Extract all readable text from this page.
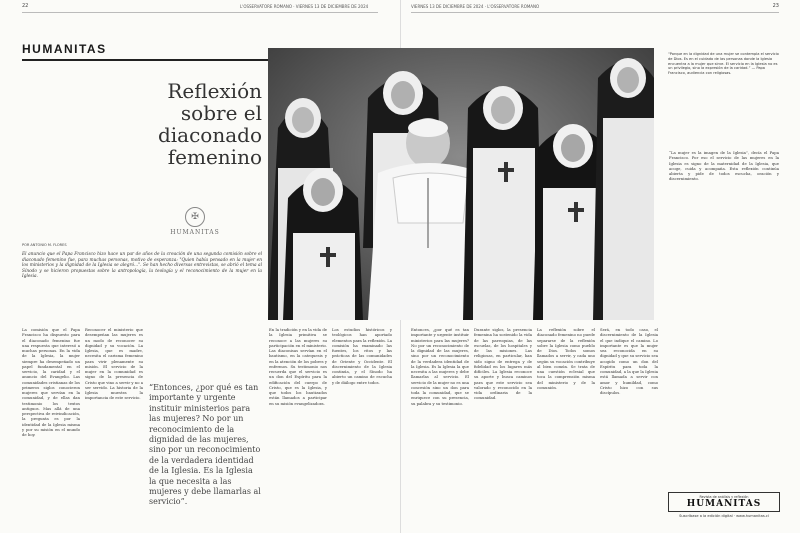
22	L'OSSERVATORE ROMANO · VIERNES 13 DE DICIEMBRE DE 2024
HUMANITAS
Reflexión sobre el diaconado femenino
✠
HUMANITAS
POR ANTONIO M. FLORES
El anuncio que el Papa Francisco hizo hace un par de años de la creación de una segunda comisión sobre el diaconado femenino fue, para muchas personas, motivo de esperanza: "Quien había pensado en la mujer en los ministerios y la dignidad de la Iglesia se alegró...". Se han hecho diversas entrevistas, se abrió el tema al Sínodo y se hicieron propuestas sobre la antropología, la teología y el reconocimiento de la mujer en la Iglesia.
La comisión que el Papa Francisco ha dispuesto para el diaconado femenino fue una respuesta que interesó a muchas personas. En la vida de la Iglesia, la mujer siempre ha desempeñado un papel fundamental en el servicio, la caridad y el anuncio del Evangelio. Las comunidades cristianas de los primeros siglos conocieron mujeres que servían en la comunidad, y de ellas dan testimonio los textos antiguos. Mas allá de una perspectiva de reivindicación, la pregunta es por la identidad de la Iglesia misma y por su misión en el mundo de hoy.
Reconocer el ministerio que desempeñan las mujeres es un modo de reconocer su dignidad y su vocación. La Iglesia, que es madre, necesita el carisma femenino para vivir plenamente su misión. El servicio de la mujer en la comunidad es signo de la presencia de Cristo que vino a servir y no a ser servido. La historia de la Iglesia muestra la importancia de este servicio.
En la tradición y en la vida de la Iglesia primitiva se reconoce a las mujeres su participación en el ministerio. Las diaconisas servían en el bautismo, en la catequesis y en la atención de los pobres y enfermos. Su testimonio nos recuerda que el servicio es un don del Espíritu para la edificación del cuerpo de Cristo, que es la Iglesia, y que todos los bautizados están llamados a participar en su misión evangelizadora.
Los estudios históricos y teológicos han aportado elementos para la reflexión. La comisión ha examinado las fuentes, los ritos y las prácticas de las comunidades de Oriente y Occidente. El discernimiento de la Iglesia continúa, y el Sínodo ha abierto un camino de escucha y de diálogo entre todos.
“Entonces, ¿por qué es tan importante y urgente instituir ministerios para las mujeres? No por un reconocimiento de la dignidad de las mujeres, sino por un reconocimiento de la verdadera identidad de la Iglesia. Es la Iglesia la que necesita a las mujeres y debe llamarlas al servicio”.
23
VIERNES 13 DE DICIEMBRE DE 2024 · L'OSSERVATORE ROMANO
Entonces, ¿por qué es tan importante y urgente instituir ministerios para las mujeres? No por un reconocimiento de la dignidad de las mujeres, sino por un reconocimiento de la verdadera identidad de la Iglesia. Es la Iglesia la que necesita a las mujeres y debe llamarlas al servicio. El servicio de la mujer no es una concesión sino un don para toda la comunidad, que se enriquece con su presencia, su palabra y su testimonio.
Durante siglos, la presencia femenina ha sostenido la vida de las parroquias, de las escuelas, de los hospitales y de las misiones. Las religiosas, en particular, han sido signo de entrega y de fidelidad en los lugares más difíciles. La Iglesia reconoce su aporte y busca caminos para que este servicio sea valorado y reconocido en la vida ordinaria de la comunidad.
La reflexión sobre el diaconado femenino no puede separarse de la reflexión sobre la Iglesia como pueblo de Dios. Todos somos llamados a servir, y cada uno según su vocación contribuye al bien común. Se trata de una cuestión eclesial que toca la comprensión misma del ministerio y de la comunión.
Será, en todo caso, el discernimiento de la Iglesia el que indique el camino. Lo importante es que la mujer sea reconocida en su dignidad y que su servicio sea acogido como un don del Espíritu para toda la comunidad, a la que la Iglesia está llamada a servir con amor y humildad, como Cristo hizo con sus discípulos.
“La mujer es la imagen de la Iglesia”, decía el Papa Francisco. Por eso el servicio de las mujeres en la Iglesia es signo de la maternidad de la Iglesia, que acoge, cuida y acompaña. Esta reflexión continúa abierta y pide de todos escucha, oración y discernimiento.
“Porque en la dignidad de una mujer se contempla el servicio de Dios. Es en el cuidado de las personas donde la Iglesia encuentra a la mujer que sirve. El servicio en la Iglesia no es un privilegio, sino la expresión de la caridad.” — Papa Francisco, audiencia con religiosas.
Revista de análisis y reflexión
HUMANITAS
Suscríbase a la edición digital · www.humanitas.cl
